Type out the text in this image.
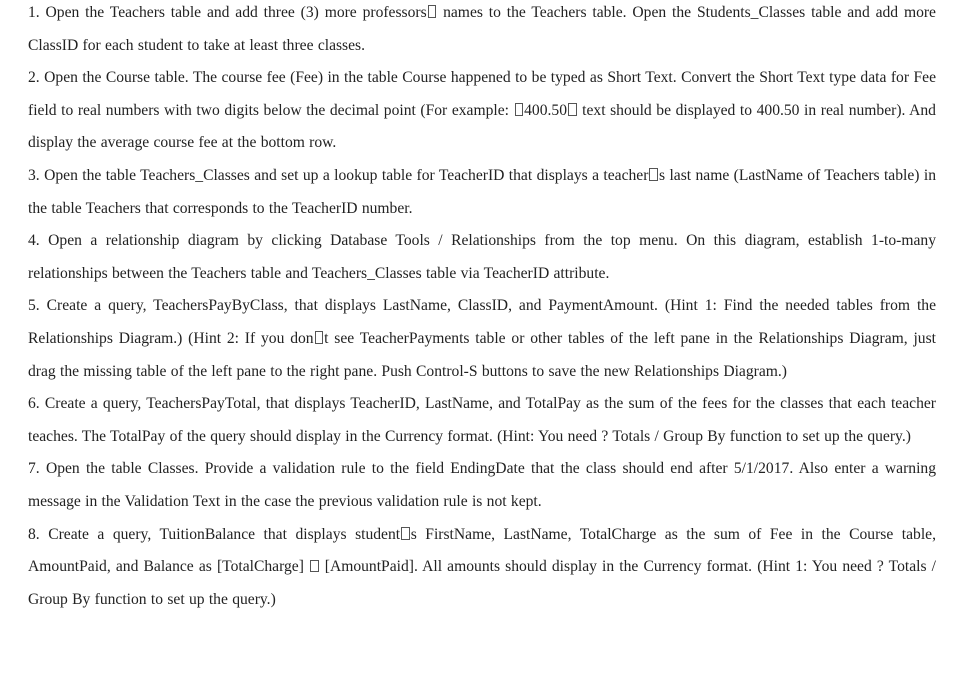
1. Open the Teachers table and add three (3) more professors names to the Teachers table. Open the Students_Classes table and add more ClassID for each student to take at least three classes.

2. Open the Course table. The course fee (Fee) in the table Course happened to be typed as Short Text. Convert the Short Text type data for Fee field to real numbers with two digits below the decimal point (For example: 400.50 text should be displayed to 400.50 in real number). And display the average course fee at the bottom row.

3. Open the table Teachers_Classes and set up a lookup table for TeacherID that displays a teacher s last name (LastName of Teachers table) in the table Teachers that corresponds to the TeacherID number.

4. Open a relationship diagram by clicking Database Tools / Relationships from the top menu. On this diagram, establish 1-to-many relationships between the Teachers table and Teachers_Classes table via TeacherID attribute.

5. Create a query, TeachersPayByClass, that displays LastName, ClassID, and PaymentAmount. (Hint 1: Find the needed tables from the Relationships Diagram.) (Hint 2: If you don t see TeacherPayments table or other tables of the left pane in the Relationships Diagram, just drag the missing table of the left pane to the right pane. Push Control-S buttons to save the new Relationships Diagram.)

6. Create a query, TeachersPayTotal, that displays TeacherID, LastName, and TotalPay as the sum of the fees for the classes that each teacher teaches. The TotalPay of the query should display in the Currency format. (Hint: You need ? Totals / Group By function to set up the query.)

7. Open the table Classes. Provide a validation rule to the field EndingDate that the class should end after 5/1/2017. Also enter a warning message in the Validation Text in the case the previous validation rule is not kept.

8. Create a query, TuitionBalance that displays student s FirstName, LastName, TotalCharge as the sum of Fee in the Course table, AmountPaid, and Balance as [TotalCharge]  [AmountPaid]. All amounts should display in the Currency format. (Hint 1: You need ? Totals / Group By function to set up the query.)
